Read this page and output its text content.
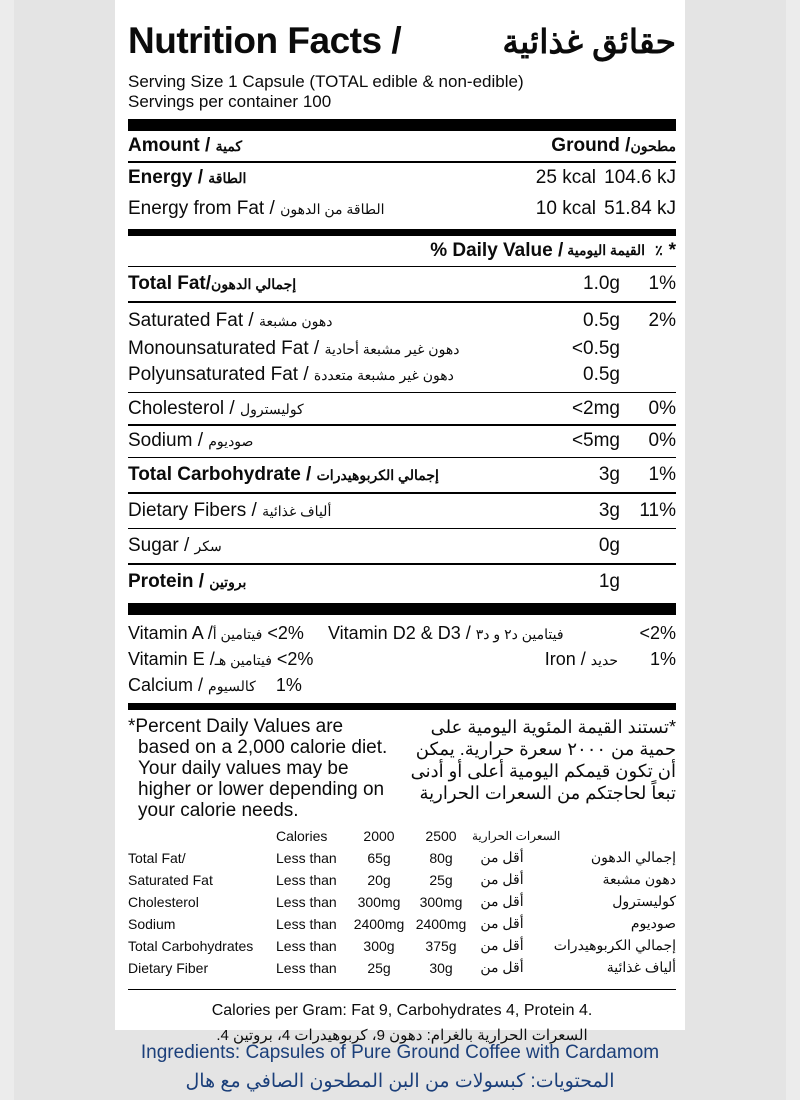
Nutrition Facts /	حقائق غذائية
Serving Size 1 Capsule (TOTAL edible & non-edible)
Servings per container 100
Amount / كمية	Ground /مطحون
Energy / الطاقة	25 kcal 104.6 kJ
Energy from Fat / الطاقة من الدهون	10 kcal 51.84 kJ
% Daily Value / القيمة اليومية ٪ *
Total Fat/إجمالي الدهون	1.0g	1%
Saturated Fat / دهون مشبعة	0.5g	2%
Monounsaturated Fat / دهون غير مشبعة أحادية	<0.5g
Polyunsaturated Fat / دهون غير مشبعة متعددة	0.5g
Cholesterol / كوليسترول	<2mg	0%
Sodium / صوديوم	<5mg	0%
Total Carbohydrate / إجمالي الكربوهيدرات	3g	1%
Dietary Fibers / ألياف غذائية	3g	11%
Sugar / سكر	0g
Protein / بروتين	1g
Vitamin A /فيتامين أ <2%	Vitamin D2 & D3 / فيتامين د٢ و د٣	<2%
Vitamin E /فيتامين هـ <2%	Iron / حديد	1%
Calcium / كالسيوم 1%
*Percent Daily Values are based on a 2,000 calorie diet. Your daily values may be higher or lower depending on your calorie needs.
*تستند القيمة المئوية اليومية على حمية من ٢٠٠٠ سعرة حرارية. يمكن أن تكون قيمكم اليومية أعلى أو أدنى تبعاً لحاجتكم من السعرات الحرارية
	Calories	2000	2500	السعرات الحرارية	
Total Fat/	Less than	65g	80g	أقل من	إجمالي الدهون
Saturated Fat	Less than	20g	25g	أقل من	دهون مشبعة
Cholesterol	Less than	300mg	300mg	أقل من	كوليسترول
Sodium	Less than	2400mg	2400mg	أقل من	صوديوم
Total Carbohydrates	Less than	300g	375g	أقل من	إجمالي الكربوهيدرات
Dietary Fiber	Less than	25g	30g	أقل من	ألياف غذائية
Calories per Gram: Fat 9, Carbohydrates 4, Protein 4.
السعرات الحرارية بالغرام: دهون 9، كربوهيدرات 4، بروتين 4.
Ingredients: Capsules of Pure Ground Coffee with Cardamom
المحتويات: كبسولات من البن المطحون الصافي مع هال
